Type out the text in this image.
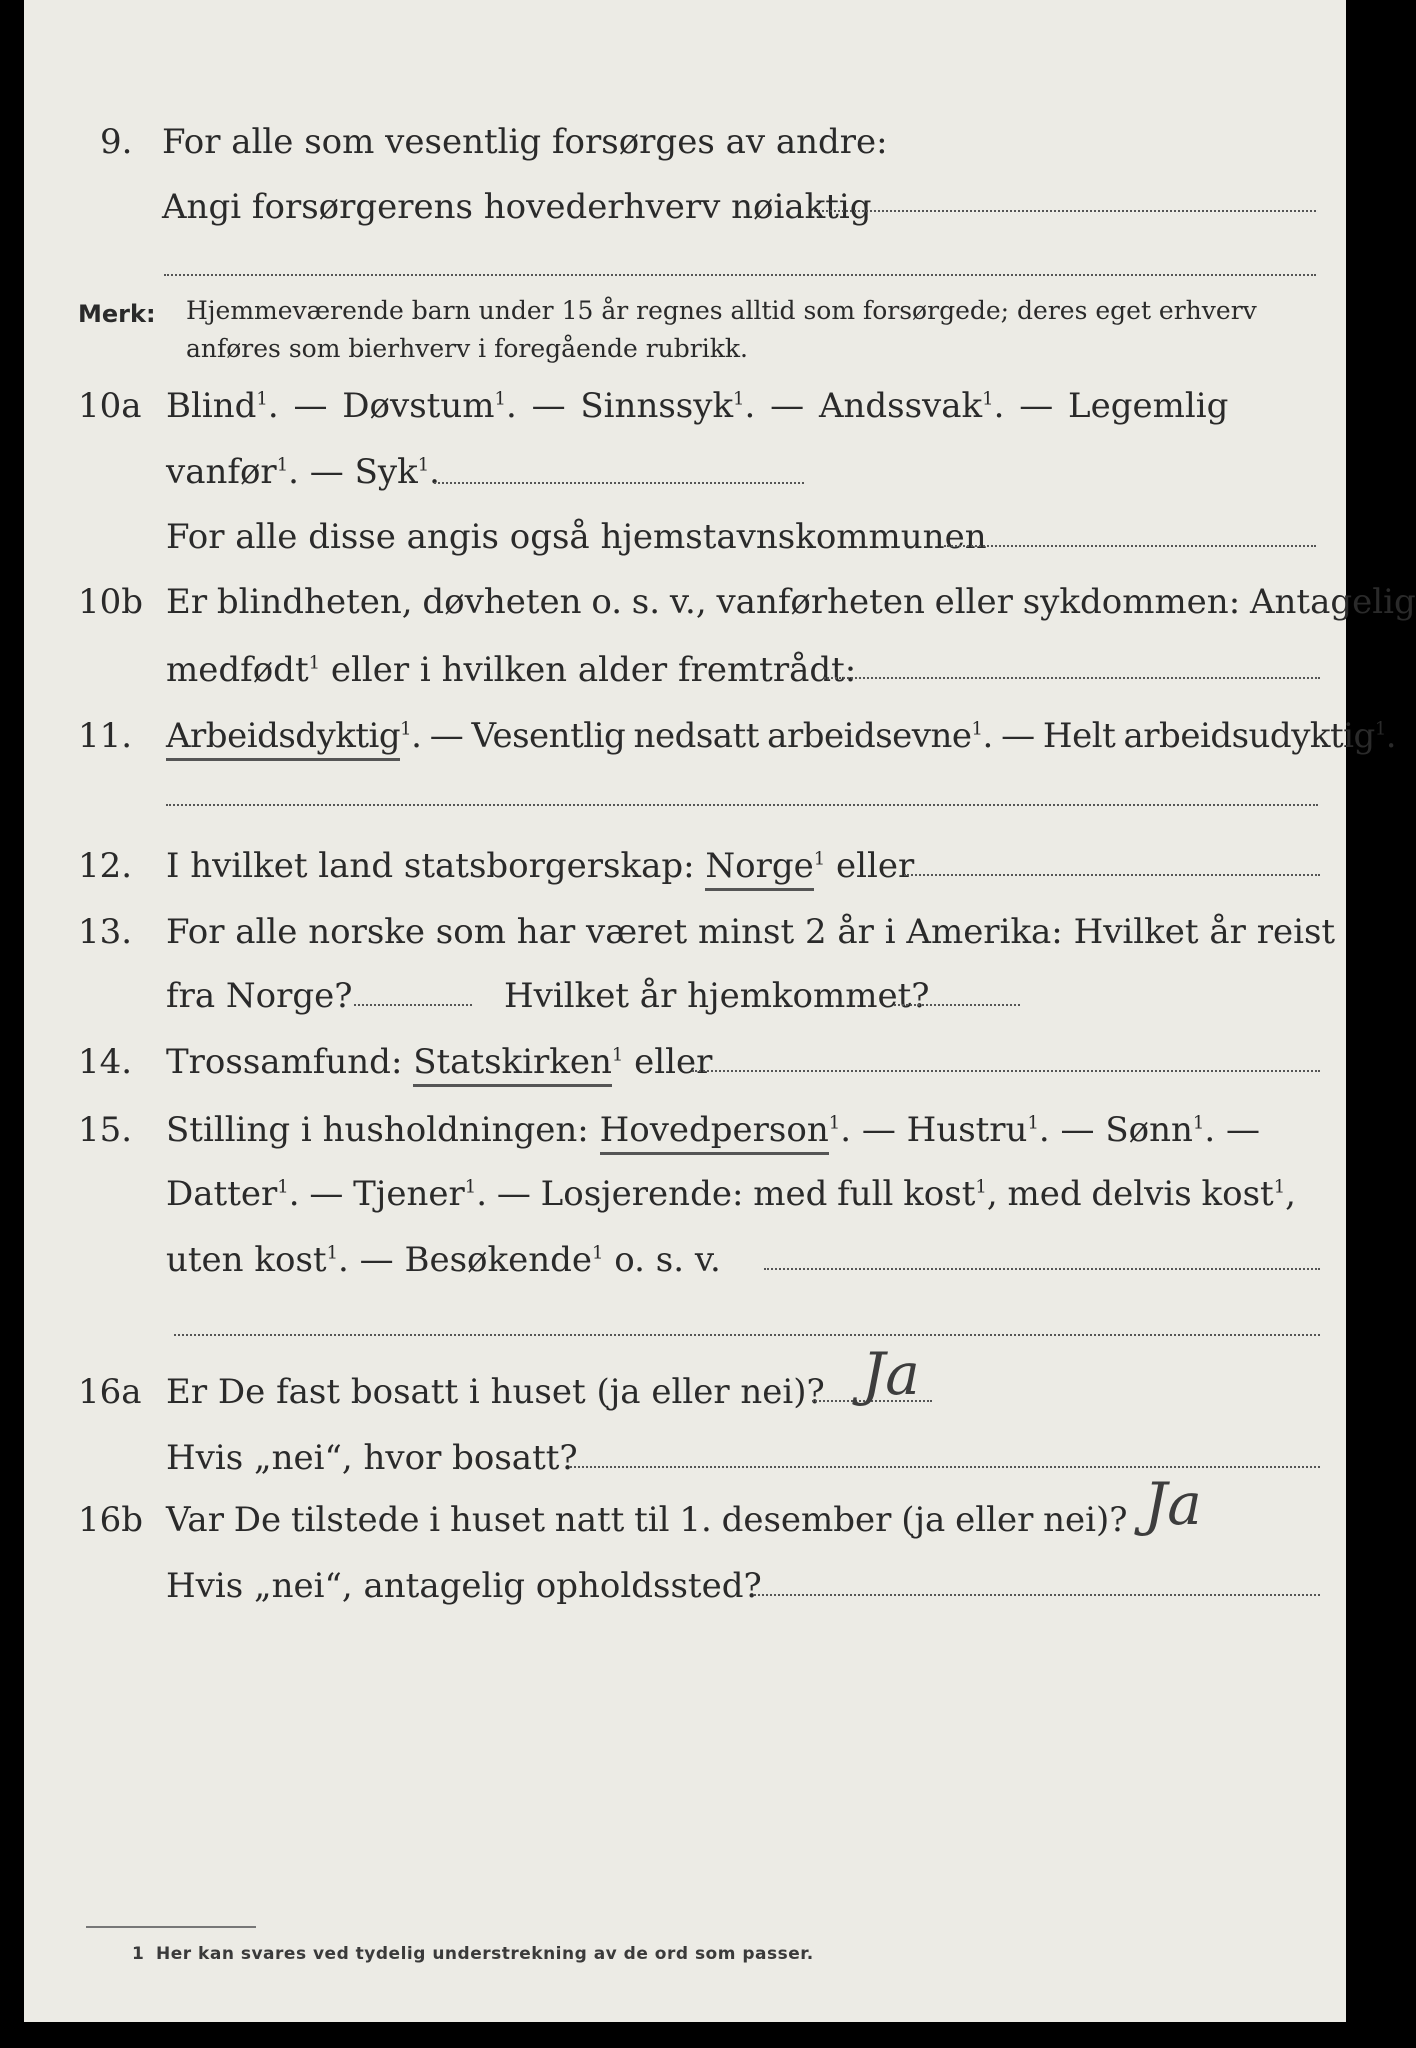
9. For alle som vesentlig forsørges av andre:
Angi forsørgerens hovederhverv nøiaktig
Merk: Hjemmeværende barn under 15 år regnes alltid som forsørgede; deres eget erhverv
anføres som bierhverv i foregående rubrikk.
10a Blind$^1$. — Døvstum$^1$. — Sinnssyk$^1$. — Andssvak$^1$. — Legemlig
vanfør$^1$. — Syk$^1$.
For alle disse angis også hjemstavnskommunen
10b Er blindheten, døvheten o. s. v., vanførheten eller sykdommen: Antagelig
medfødt$^1$ eller i hvilken alder fremtrådt:
11. Arbeidsdyktig$^1$. — Vesentlig nedsatt arbeidsevne$^1$. — Helt arbeidsudyktig$^1$.
12. I hvilket land statsborgerskap: Norge$^1$ eller
13. For alle norske som har været minst 2 år i Amerika: Hvilket år reist
fra Norge?	Hvilket år hjemkommet?
14. Trossamfund: Statskirken$^1$ eller
15. Stilling i husholdningen: Hovedperson$^1$. — Hustru$^1$. — Sønn$^1$. —
Datter$^1$. — Tjener$^1$. — Losjerende: med full kost$^1$, med delvis kost$^1$,
uten kost$^1$. — Besøkende$^1$ o. s. v.
16a Er De fast bosatt i huset (ja eller nei)? Ja
Hvis „nei“, hvor bosatt?
16b Var De tilstede i huset natt til 1. desember (ja eller nei)? Ja
Hvis „nei“, antagelig opholdssted?
1 Her kan svares ved tydelig understrekning av de ord som passer.
